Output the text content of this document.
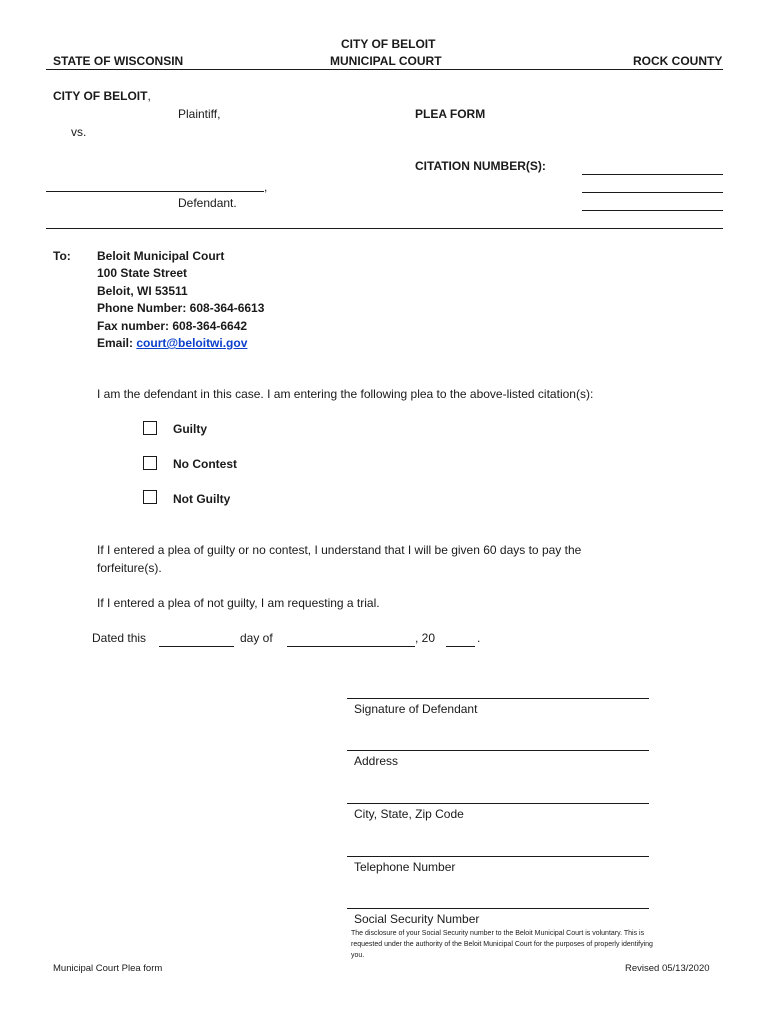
CITY OF BELOIT
STATE OF WISCONSIN	MUNICIPAL COURT	ROCK COUNTY
CITY OF BELOIT,
Plaintiff,	PLEA FORM
vs.
CITATION NUMBER(S):
,
Defendant.
To: Beloit Municipal Court
100 State Street
Beloit, WI 53511
Phone Number: 608-364-6613
Fax number: 608-364-6642
Email: court@beloitwi.gov
I am the defendant in this case. I am entering the following plea to the above-listed citation(s):
Guilty
No Contest
Not Guilty
If I entered a plea of guilty or no contest, I understand that I will be given 60 days to pay the
forfeiture(s).
If I entered a plea of not guilty, I am requesting a trial.
Dated this	day of	, 20	.
Signature of Defendant
Address
City, State, Zip Code
Telephone Number
Social Security Number
The disclosure of your Social Security number to the Beloit Municipal Court is voluntary. This is
requested under the authority of the Beloit Municipal Court for the purposes of properly identifying
you.
Municipal Court Plea form	Revised 05/13/2020
